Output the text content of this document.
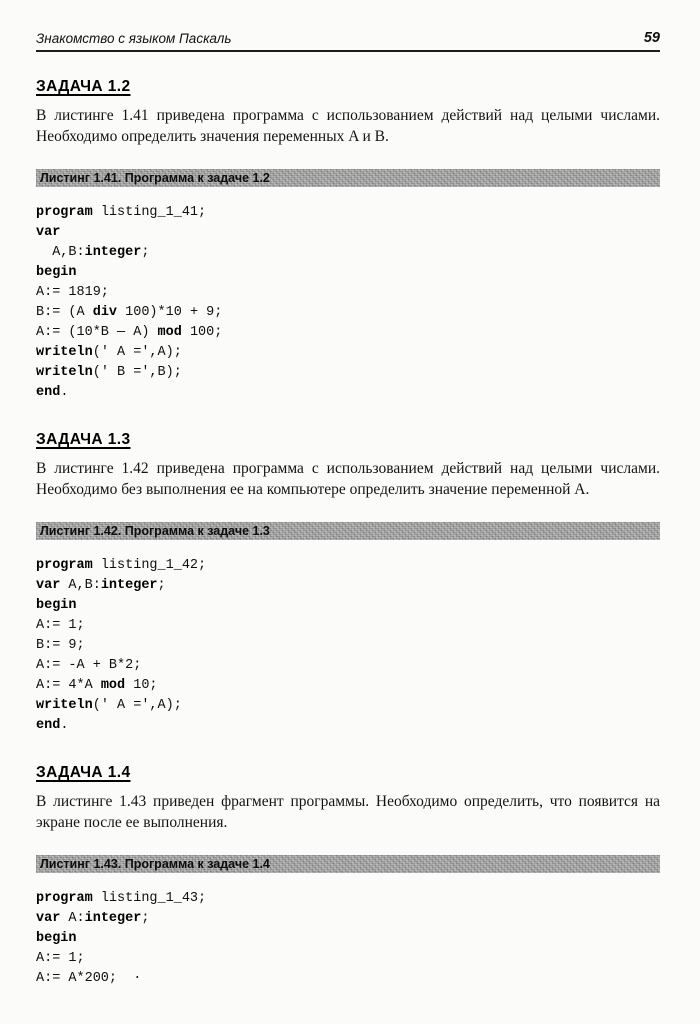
Знакомство с языком Паскаль	59
ЗАДАЧА 1.2

В листинге 1.41 приведена программа с использованием действий над целыми числами. Необходимо определить значения переменных A и B.

Листинг 1.41. Программа к задаче 1.2
program listing_1_41;
var
A,B:integer;
begin
A:= 1819;
B:= (A div 100)*10 + 9;
A:= (10*B — A) mod 100;
writeln(' A =',A);
writeln(' B =',B);
end.
ЗАДАЧА 1.3

В листинге 1.42 приведена программа с использованием действий над целыми числами. Необходимо без выполнения ее на компьютере определить значение переменной A.

Листинг 1.42. Программа к задаче 1.3
program listing_1_42;
var A,B:integer;
begin
A:= 1;
B:= 9;
A:= -A + B*2;
A:= 4*A mod 10;
writeln(' A =',A);
end.
ЗАДАЧА 1.4

В листинге 1.43 приведен фрагмент программы. Необходимо определить, что появится на экране после ее выполнения.

Листинг 1.43. Программа к задаче 1.4
program listing_1_43;
var A:integer;
begin
A:= 1;
A:= A*200;  ·
